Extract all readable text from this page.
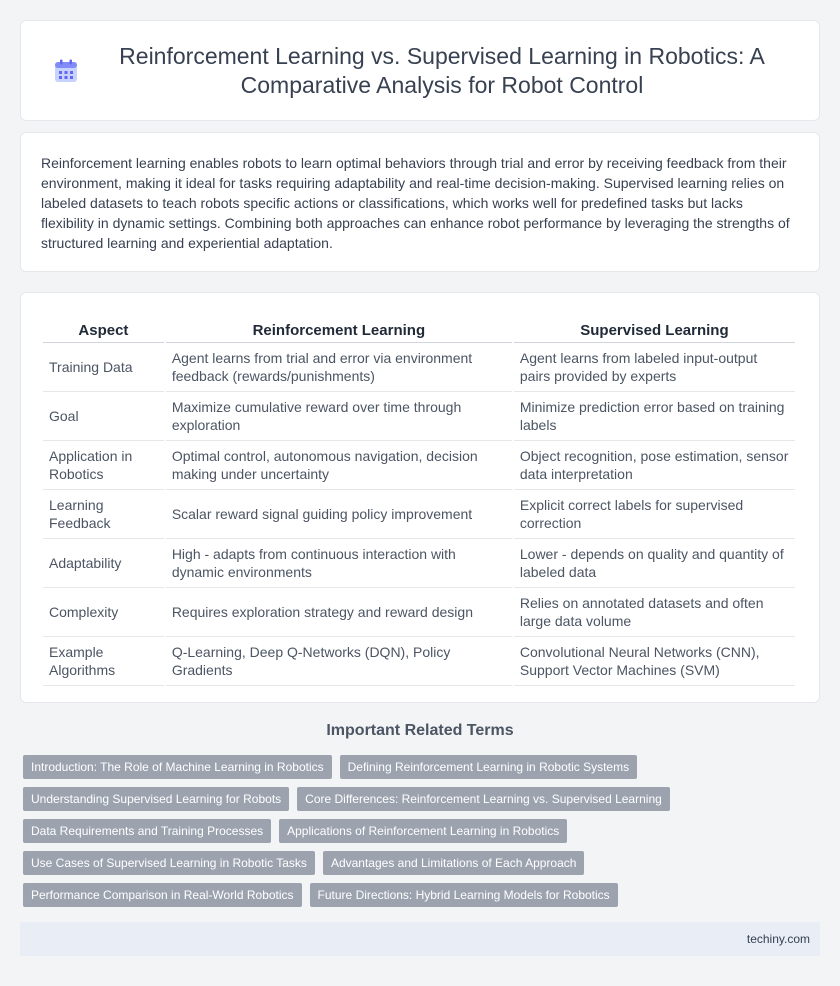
Reinforcement Learning vs. Supervised Learning in Robotics: A Comparative Analysis for Robot Control

Reinforcement learning enables robots to learn optimal behaviors through trial and error by receiving feedback from their environment, making it ideal for tasks requiring adaptability and real-time decision-making. Supervised learning relies on labeled datasets to teach robots specific actions or classifications, which works well for predefined tasks but lacks flexibility in dynamic settings. Combining both approaches can enhance robot performance by leveraging the strengths of structured learning and experiential adaptation.

Aspect	Reinforcement Learning	Supervised Learning
Training Data	Agent learns from trial and error via environment feedback (rewards/punishments)	Agent learns from labeled input-output pairs provided by experts
Goal	Maximize cumulative reward over time through exploration	Minimize prediction error based on training labels
Application in Robotics	Optimal control, autonomous navigation, decision making under uncertainty	Object recognition, pose estimation, sensor data interpretation
Learning Feedback	Scalar reward signal guiding policy improvement	Explicit correct labels for supervised correction
Adaptability	High - adapts from continuous interaction with dynamic environments	Lower - depends on quality and quantity of labeled data
Complexity	Requires exploration strategy and reward design	Relies on annotated datasets and often large data volume
Example Algorithms	Q-Learning, Deep Q-Networks (DQN), Policy Gradients	Convolutional Neural Networks (CNN), Support Vector Machines (SVM)
Important Related Terms
Introduction: The Role of Machine Learning in Robotics	Defining Reinforcement Learning in Robotic Systems
Understanding Supervised Learning for Robots	Core Differences: Reinforcement Learning vs. Supervised Learning
Data Requirements and Training Processes	Applications of Reinforcement Learning in Robotics
Use Cases of Supervised Learning in Robotic Tasks	Advantages and Limitations of Each Approach
Performance Comparison in Real-World Robotics	Future Directions: Hybrid Learning Models for Robotics
techiny.com
